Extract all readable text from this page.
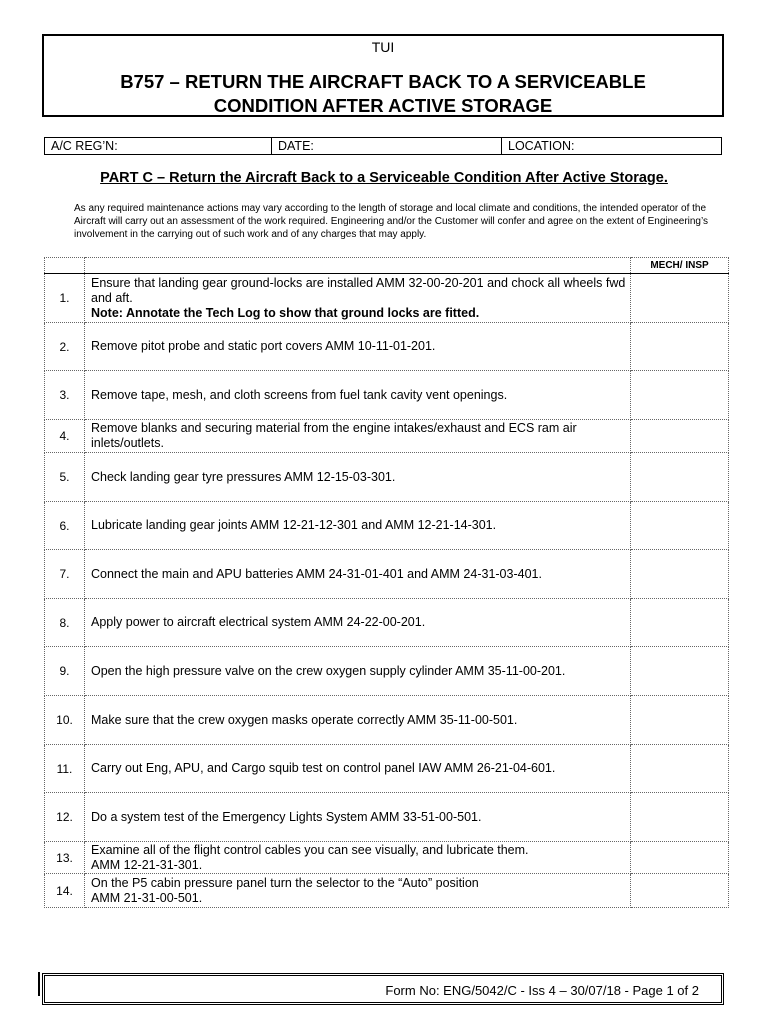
TUI
B757 – RETURN THE AIRCRAFT BACK TO A SERVICEABLE
CONDITION AFTER ACTIVE STORAGE
A/C REG’N:	DATE:	LOCATION:
PART C – Return the Aircraft Back to a Serviceable Condition After Active Storage.
As any required maintenance actions may vary according to the length of storage and local climate and conditions, the intended operator of the Aircraft will carry out an assessment of the work required. Engineering and/or the Customer will confer and agree on the extent of Engineering’s involvement in the carrying out of such work and of any charges that may apply.
		MECH/ INSP
1.	Ensure that landing gear ground-locks are installed AMM 32-00-20-201 and chock all wheels fwd and aft.
Note: Annotate the Tech Log to show that ground locks are fitted.	

2.	Remove pitot probe and static port covers AMM 10-11-01-201.	
3.	Remove tape, mesh, and cloth screens from fuel tank cavity vent openings.	
4.	Remove blanks and securing material from the engine intakes/exhaust and ECS ram air inlets/outlets.	
5.	Check landing gear tyre pressures AMM 12-15-03-301.	
6.	Lubricate landing gear joints AMM 12-21-12-301 and AMM 12-21-14-301.	
7.	Connect the main and APU batteries AMM 24-31-01-401 and AMM 24-31-03-401.	
8.	Apply power to aircraft electrical system AMM 24-22-00-201.	
9.	Open the high pressure valve on the crew oxygen supply cylinder AMM 35-11-00-201.	
10.	Make sure that the crew oxygen masks operate correctly AMM 35-11-00-501.	
11.	Carry out Eng, APU, and Cargo squib test on control panel IAW AMM 26-21-04-601.	
12.	Do a system test of the Emergency Lights System AMM 33-51-00-501.	
13.	Examine all of the flight control cables you can see visually, and lubricate them.
AMM 12-21-31-301.	

14.	On the P5 cabin pressure panel turn the selector to the “Auto” position
AMM 21-31-00-501.	

Form No: ENG/5042/C - Iss 4 – 30/07/18 - Page 1 of 2
